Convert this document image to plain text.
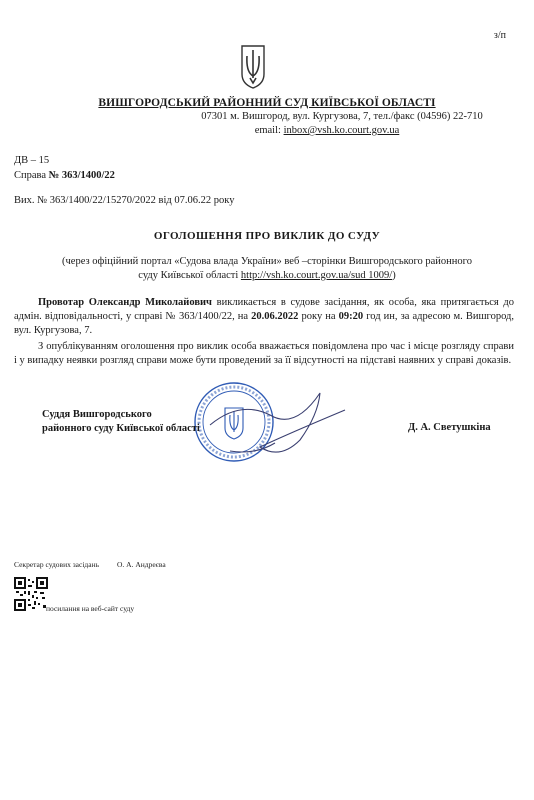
з/п
ВИШГОРОДСЬКИЙ РАЙОННИЙ СУД КИЇВСЬКОЇ ОБЛАСТІ
07301 м. Вишгород, вул. Кургузова, 7, тел./факс (04596) 22-710
email: inbox@vsh.ko.court.gov.ua
ДВ – 15
Справа № 363/1400/22
Вих. № 363/1400/22/15270/2022 від 07.06.22 року
ОГОЛОШЕННЯ ПРО ВИКЛИК ДО СУДУ
(через офіційний портал «Судова влада України» веб –сторінки Вишгородського районного
суду Київської області http://vsh.ko.court.gov.ua/sud 1009/)
Провотар Олександр Миколайович викликається в судове засідання, як особа, яка притягається до адмін. відповідальності, у справі № 363/1400/22, на 20.06.2022 року на 09:20 год ин, за адресою м. Вишгород, вул. Кургузова, 7.
З опублікуванням оголошення про виклик особа вважається повідомлена про час і місце розгляду справи і у випадку неявки розгляд справи може бути проведений за її відсутності на підставі наявних у справі доказів.
Суддя Вишгородського
районного суду Київської області	Д. А. Светушкіна
Секретар судових засідань О. А. Андреєва
посилання на веб-сайт суду
